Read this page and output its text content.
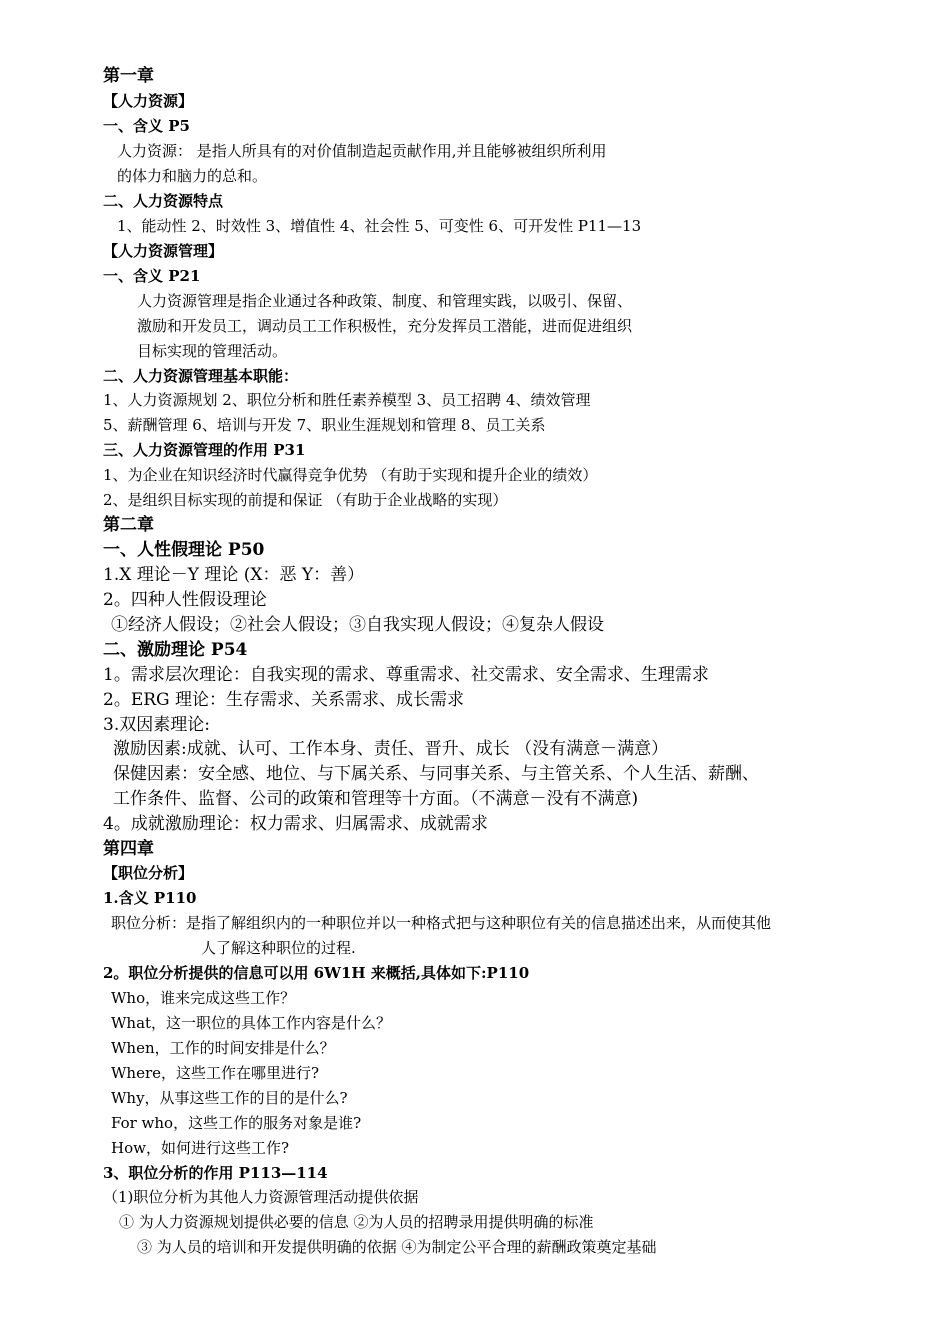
第一章
【人力资源】
一、含义 P5
人力资源： 是指人所具有的对价值制造起贡献作用,并且能够被组织所利用
的体力和脑力的总和。
二、人力资源特点
1、能动性 2、时效性 3、增值性 4、社会性 5、可变性 6、可开发性 P11—13
【人力资源管理】
一、含义 P21
人力资源管理是指企业通过各种政策、制度、和管理实践，以吸引、保留、
激励和开发员工，调动员工工作积极性，充分发挥员工潜能，进而促进组织
目标实现的管理活动。
二、人力资源管理基本职能：
1、人力资源规划 2、职位分析和胜任素养模型 3、员工招聘 4、绩效管理
5、薪酬管理 6、培训与开发 7、职业生涯规划和管理 8、员工关系
三、人力资源管理的作用 P31
1、为企业在知识经济时代赢得竞争优势 （有助于实现和提升企业的绩效）
2、是组织目标实现的前提和保证 （有助于企业战略的实现）
第二章
一、人性假理论 P50
1.X 理论－Y 理论 (X：恶 Y：善）
2。四种人性假设理论
①经济人假设；②社会人假设；③自我实现人假设；④复杂人假设
二、激励理论 P54
1。需求层次理论：自我实现的需求、尊重需求、社交需求、安全需求、生理需求
2。ERG 理论：生存需求、关系需求、成长需求
3.双因素理论:
激励因素:成就、认可、工作本身、责任、晋升、成长 （没有满意－满意）
保健因素：安全感、地位、与下属关系、与同事关系、与主管关系、个人生活、薪酬、
工作条件、监督、公司的政策和管理等十方面。（不满意－没有不满意)
4。成就激励理论：权力需求、归属需求、成就需求
第四章
【职位分析】
1.含义 P110
职位分析：是指了解组织内的一种职位并以一种格式把与这种职位有关的信息描述出来，从而使其他
人了解这种职位的过程.
2。职位分析提供的信息可以用 6W1H 来概括,具体如下:P110
Who，谁来完成这些工作？
What，这一职位的具体工作内容是什么？
When，工作的时间安排是什么？
Where，这些工作在哪里进行?
Why，从事这些工作的目的是什么?
For who，这些工作的服务对象是谁?
How，如何进行这些工作?
3、职位分析的作用 P113—114
（1)职位分析为其他人力资源管理活动提供依据
① 为人力资源规划提供必要的信息 ②为人员的招聘录用提供明确的标准
③ 为人员的培训和开发提供明确的依据 ④为制定公平合理的薪酬政策奠定基础
